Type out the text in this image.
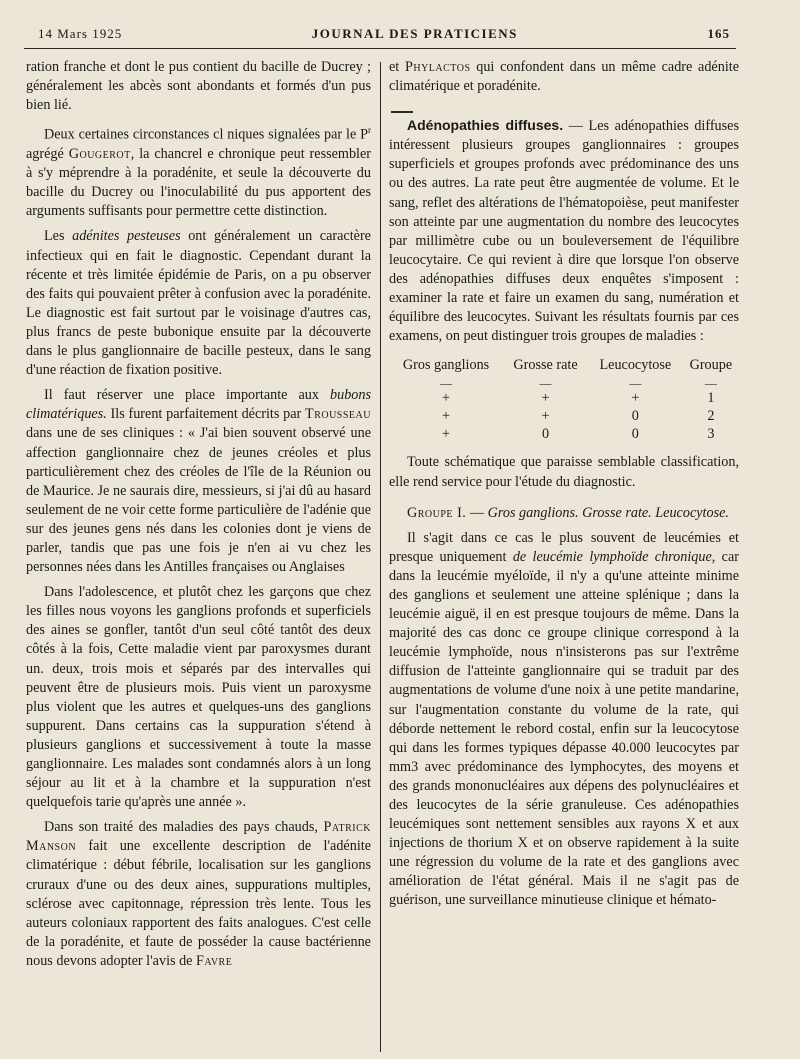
14 Mars 1925	JOURNAL DES PRATICIENS	165

ration franche et dont le pus contient du bacille de Ducrey ; généralement les abcès sont abondants et formés d'un pus bien lié.

Deux certaines circonstances cl niques signalées par le $P^r$ agrégé Gougerot, la chancrel e chronique peut ressembler à s'y méprendre à la poradénite, et seule la découverte du bacille du Ducrey ou l'inoculabilité du pus apportent des arguments suffisants pour permettre cette distinction.

Les adénites pesteuses ont généralement un caractère infectieux qui en fait le diagnostic. Cependant durant la récente et très limitée épidémie de Paris, on a pu observer des faits qui pouvaient prêter à confusion avec la poradénite. Le diagnostic est fait surtout par le voisinage d'autres cas, plus francs de peste bubonique ensuite par la découverte dans le plus ganglionnaire de bacille pesteux, dans le sang d'une réaction de fixation positive.

Il faut réserver une place importante aux bubons climatériques. Ils furent parfaitement décrits par Trousseau dans une de ses cliniques : « J'ai bien souvent observé une affection ganglionnaire chez de jeunes créoles et plus particulièrement chez des créoles de l'île de la Réunion ou de Maurice. Je ne saurais dire, messieurs, si j'ai dû au hasard seulement de ne voir cette forme particulière de l'adénie que sur des jeunes gens nés dans les colonies dont je viens de parler, tandis que pas une fois je n'en ai vu chez les personnes nées dans les Antilles françaises ou Anglaises

Dans l'adolescence, et plutôt chez les garçons que chez les filles nous voyons les ganglions profonds et superficiels des aines se gonfler, tantôt d'un seul côté tantôt des deux côtés à la fois, Cette maladie vient par paroxysmes durant un. deux, trois mois et séparés par des intervalles qui peuvent être de plusieurs mois. Puis vient un paroxysme plus violent que les autres et quelques-uns des ganglions suppurent. Dans certains cas la suppuration s'étend à plusieurs ganglions et successivement à toute la masse ganglionnaire. Les malades sont condamnés alors à un long séjour au lit et à la chambre et la suppuration n'est quelquefois tarie qu'après une année ».

Dans son traité des maladies des pays chauds, Patrick Manson fait une excellente description de l'adénite climatérique : début fébrile, localisation sur les ganglions cruraux d'une ou des deux aines, suppurations multiples, sclérose avec capitonnage, répression très lente. Tous les auteurs coloniaux rapportent des faits analogues. C'est celle de la poradénite, et faute de posséder la cause bactérienne nous devons adopter l'avis de Favre

et Phylactos qui confondent dans un même cadre adénite climatérique et poradénite.

Adénopathies diffuses. — Les adénopathies diffuses intéressent plusieurs groupes ganglionnaires : groupes superficiels et groupes profonds avec prédominance des uns ou des autres. La rate peut être augmentée de volume. Et le sang, reflet des altérations de l'hématopoièse, peut manifester son atteinte par une augmentation du nombre des leucocytes par millimètre cube ou un bouleversement de l'équilibre leucocytaire. Ce qui revient à dire que lorsque l'on observe des adénopathies diffuses deux enquêtes s'imposent : examiner la rate et faire un examen du sang, numération et équilibre des leucocytes. Suivant les résultats fournis par ces examens, on peut distinguer trois groupes de maladies :

Gros ganglions	Grosse rate	Leucocytose	Groupe
—	—	—	—
+	+	+	1
+	+	0	2
+	0	0	3

Toute schématique que paraisse semblable classification, elle rend service pour l'étude du diagnostic.

Groupe I. — Gros ganglions. Grosse rate. Leucocytose.

Il s'agit dans ce cas le plus souvent de leucémies et presque uniquement de leucémie lymphoïde chronique, car dans la leucémie myéloïde, il n'y a qu'une atteinte minime des ganglions et seulement une atteine splénique ; dans la leucémie aiguë, il en est presque toujours de même. Dans la majorité des cas donc ce groupe clinique correspond à la leucémie lymphoïde, nous n'insisterons pas sur l'extrême diffusion de l'atteinte ganglionnaire qui se traduit par des augmentations de volume d'une noix à une petite mandarine, sur l'augmentation constante du volume de la rate, qui déborde nettement le rebord costal, enfin sur la leucocytose qui dans les formes typiques dépasse 40.000 leucocytes par mm3 avec prédominance des lymphocytes, des moyens et des grands mononucléaires aux dépens des polynucléaires et des leucocytes de la série granuleuse. Ces adénopathies leucémiques sont nettement sensibles aux rayons X et aux injections de thorium X et on observe rapidement à la suite une régression du volume de la rate et des ganglions avec amélioration de l'état général. Mais il ne s'agit pas de guérison, une surveillance minutieuse clinique et hémato-
